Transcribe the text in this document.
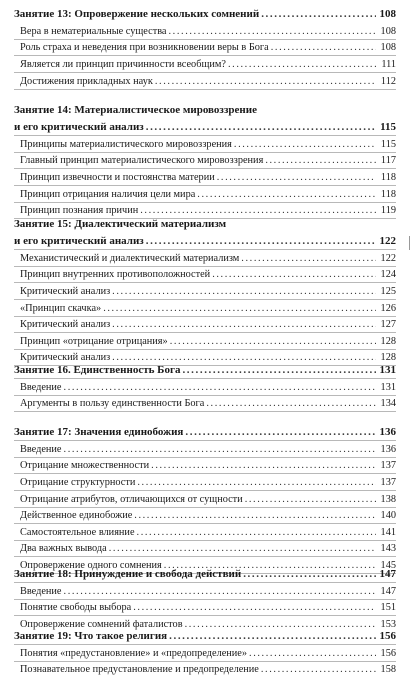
Занятие 13: Опровержение нескольких сомнений .....	108
Вера в нематериальные существа .....	108
Роль страха и неведения при возникновении веры в Бога .....	108
Является ли принцип причинности всеобщим? .....	111
Достижения прикладных наук .....	112
Занятие 14: Материалистическое мировоззрение
и его критический анализ .....	115
Принципы материалистического мировоззрения .....	115
Главный принцип материалистического мировоззрения .....	117
Принцип извечности и постоянства материи .....	118
Принцип отрицания наличия цели мира .....	118
Принцип познания причин .....	119
Занятие 15: Диалектический материализм
и его критический анализ .....	122
Механистический и диалектический материализм .....	122
Принцип внутренних противоположностей .....	124
Критический анализ .....	125
«Принцип скачка» .....	126
Критический анализ .....	127
Принцип «отрицание отрицания» .....	128
Критический анализ .....	128
Занятие 16. Единственность Бога .....	131
Введение .....	131
Аргументы в пользу единственности Бога .....	134
Занятие 17: Значения единобожия .....	136
Введение .....	136
Отрицание множественности .....	137
Отрицание структурности .....	137
Отрицание атрибутов, отличающихся от сущности .....	138
Действенное единобожие .....	140
Самостоятельное влияние .....	141
Два важных вывода .....	143
Опровержение одного сомнения .....	145
Занятие 18: Принуждение и свобода действий .....	147
Введение .....	147
Понятие свободы выбора .....	151
Опровержение сомнений фаталистов .....	153
Занятие 19: Что такое религия .....	156
Понятия «предустановление» и «предопределение» .....	156
Познавательное предустановление и предопределение .....	158
